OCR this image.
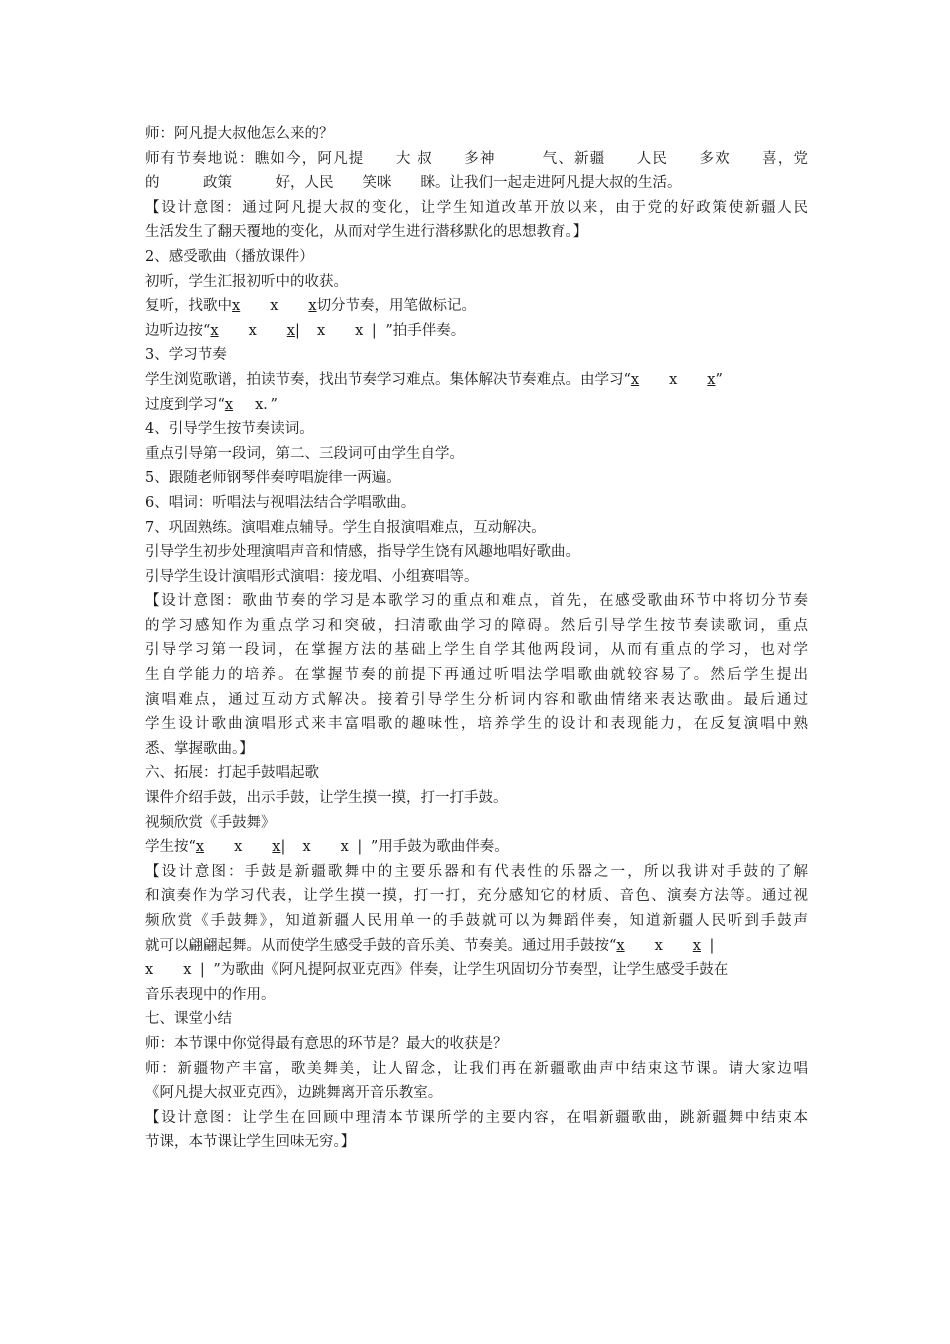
师：阿凡提大叔他怎么来的？
师有节奏地说：瞧如今，阿凡提　　大 叔　　多神　　　气、新疆　　人民　　多欢　　喜，党
的　　　政策　　　好，人民　　笑咪　　眯。让我们一起走进阿凡提大叔的生活。
【设计意图：通过阿凡提大叔的变化，让学生知道改革开放以来，由于党的好政策使新疆人民
生活发生了翻天覆地的变化，从而对学生进行潜移默化的思想教育。】
2、感受歌曲（播放课件）
初听，学生汇报初听中的收获。
复听，找歌中x x x切分节奏，用笔做标记。
边听边按“x x x| x x | ”拍手伴奏。
3、学习节奏
学生浏览歌谱，拍读节奏，找出节奏学习难点。集体解决节奏难点。由学习“x x x”
过度到学习“x x．”
4、引导学生按节奏读词。
重点引导第一段词，第二、三段词可由学生自学。
5、跟随老师钢琴伴奏哼唱旋律一两遍。
6、唱词：听唱法与视唱法结合学唱歌曲。
7、巩固熟练。演唱难点辅导。学生自报演唱难点，互动解决。
引导学生初步处理演唱声音和情感，指导学生饶有风趣地唱好歌曲。
引导学生设计演唱形式演唱：接龙唱、小组赛唱等。
【设计意图：歌曲节奏的学习是本歌学习的重点和难点，首先，在感受歌曲环节中将切分节奏
的学习感知作为重点学习和突破，扫清歌曲学习的障碍。然后引导学生按节奏读歌词，重点
引导学习第一段词，在掌握方法的基础上学生自学其他两段词，从而有重点的学习，也对学
生自学能力的培养。在掌握节奏的前提下再通过听唱法学唱歌曲就较容易了。然后学生提出
演唱难点，通过互动方式解决。接着引导学生分析词内容和歌曲情绪来表达歌曲。最后通过
学生设计歌曲演唱形式来丰富唱歌的趣味性，培养学生的设计和表现能力，在反复演唱中熟
悉、掌握歌曲。】
六、拓展：打起手鼓唱起歌
课件介绍手鼓，出示手鼓，让学生摸一摸，打一打手鼓。
视频欣赏《手鼓舞》
学生按“x x x| x x | ”用手鼓为歌曲伴奏。
【设计意图：手鼓是新疆歌舞中的主要乐器和有代表性的乐器之一，所以我讲对手鼓的了解
和演奏作为学习代表，让学生摸一摸，打一打，充分感知它的材质、音色、演奏方法等。通过视
频欣赏《手鼓舞》，知道新疆人民用单一的手鼓就可以为舞蹈伴奏，知道新疆人民听到手鼓声
就可以翩翩起舞。从而使学生感受手鼓的音乐美、节奏美。通过用手鼓按“x x x |
x x | ”为歌曲《阿凡提阿叔亚克西》伴奏，让学生巩固切分节奏型，让学生感受手鼓在
音乐表现中的作用。
七、课堂小结
师：本节课中你觉得最有意思的环节是？最大的收获是？
师：新疆物产丰富，歌美舞美，让人留念，让我们再在新疆歌曲声中结束这节课。请大家边唱
《阿凡提大叔亚克西》，边跳舞离开音乐教室。
【设计意图：让学生在回顾中理清本节课所学的主要内容，在唱新疆歌曲，跳新疆舞中结束本
节课，本节课让学生回味无穷。】
